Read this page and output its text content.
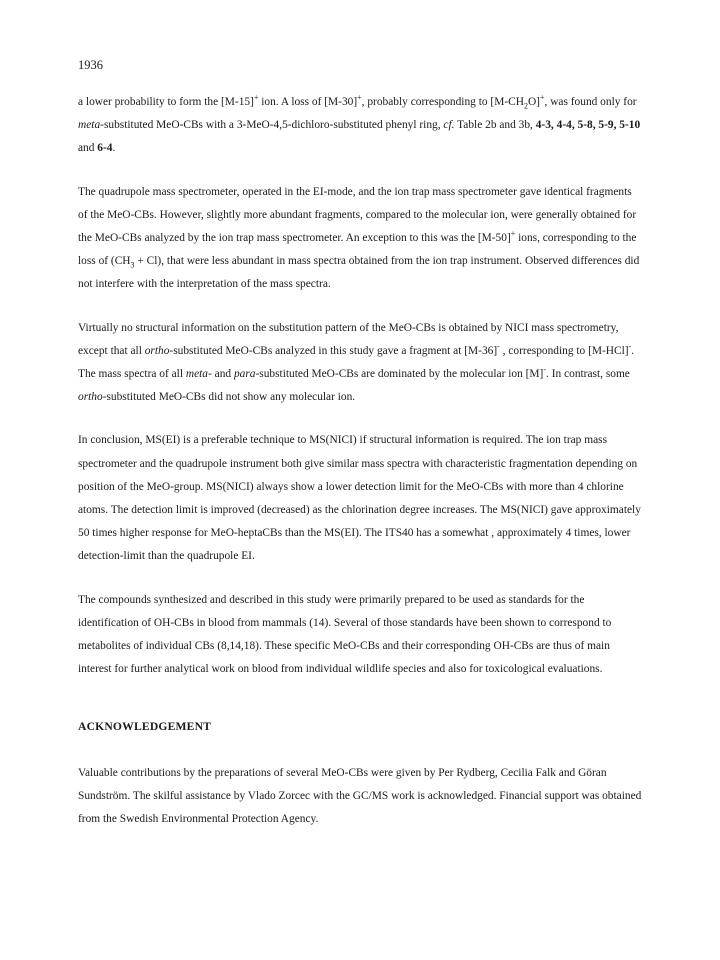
1936

a lower probability to form the [M-15]+ ion. A loss of [M-30]+, probably corresponding to $[M-CH_2O]^+$, was found only for meta-substituted MeO-CBs with a 3-MeO-4,5-dichloro-substituted phenyl ring, cf. Table 2b and 3b, 4-3, 4-4, 5-8, 5-9, 5-10 and 6-4.

The quadrupole mass spectrometer, operated in the EI-mode, and the ion trap mass spectrometer gave identical fragments of the MeO-CBs. However, slightly more abundant fragments, compared to the molecular ion, were generally obtained for the MeO-CBs analyzed by the ion trap mass spectrometer. An exception to this was the [M-50]+ ions, corresponding to the loss of $(CH_3 + Cl)$, that were less abundant in mass spectra obtained from the ion trap instrument. Observed differences did not interfere with the interpretation of the mass spectra.

Virtually no structural information on the substitution pattern of the MeO-CBs is obtained by NICI mass spectrometry, except that all ortho-substituted MeO-CBs analyzed in this study gave a fragment at [M-36]- , corresponding to [M-HCl]-. The mass spectra of all meta- and para-substituted MeO-CBs are dominated by the molecular ion [M]-. In contrast, some ortho-substituted MeO-CBs did not show any molecular ion.

In conclusion, MS(EI) is a preferable technique to MS(NICI) if structural information is required. The ion trap mass spectrometer and the quadrupole instrument both give similar mass spectra with characteristic fragmentation depending on position of the MeO-group. MS(NICI) always show a lower detection limit for the MeO-CBs with more than 4 chlorine atoms. The detection limit is improved (decreased) as the chlorination degree increases. The MS(NICI) gave approximately 50 times higher response for MeO-heptaCBs than the MS(EI). The ITS40 has a somewhat , approximately 4 times, lower detection-limit than the quadrupole EI.

The compounds synthesized and described in this study were primarily prepared to be used as standards for the identification of OH-CBs in blood from mammals (14). Several of those standards have been shown to correspond to metabolites of individual CBs (8,14,18). These specific MeO-CBs and their corresponding OH-CBs are thus of main interest for further analytical work on blood from individual wildlife species and also for toxicological evaluations.

ACKNOWLEDGEMENT

Valuable contributions by the preparations of several MeO-CBs were given by Per Rydberg, Cecilia Falk and Göran Sundström. The skilful assistance by Vlado Zorcec with the GC/MS work is acknowledged. Financial support was obtained from the Swedish Environmental Protection Agency.
